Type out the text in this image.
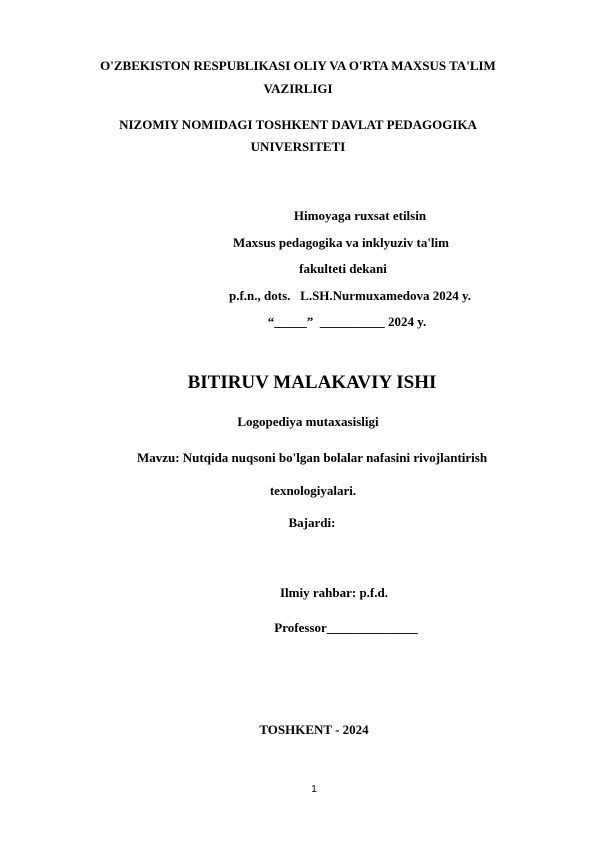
O'ZBEKISTON RESPUBLIKASI OLIY VA O'RTA MAXSUS TA'LIM
VAZIRLIGI
NIZOMIY NOMIDAGI TOSHKENT DAVLAT PEDAGOGIKA
UNIVERSITETI
Himoyaga ruxsat etilsin
Maxsus pedagogika va inklyuziv ta'lim
fakulteti dekani
p.f.n., dots.   L.SH.Nurmuxamedova 2024 y.
“_____”  __________ 2024 y.
BITIRUV MALAKAVIY ISHI
Logopediya mutaxasisligi
Mavzu: Nutqida nuqsoni bo'lgan bolalar nafasini rivojlantirish
texnologiyalari.
Bajardi:
Ilmiy rahbar: p.f.d.
Professor______________
TOSHKENT - 2024
1
